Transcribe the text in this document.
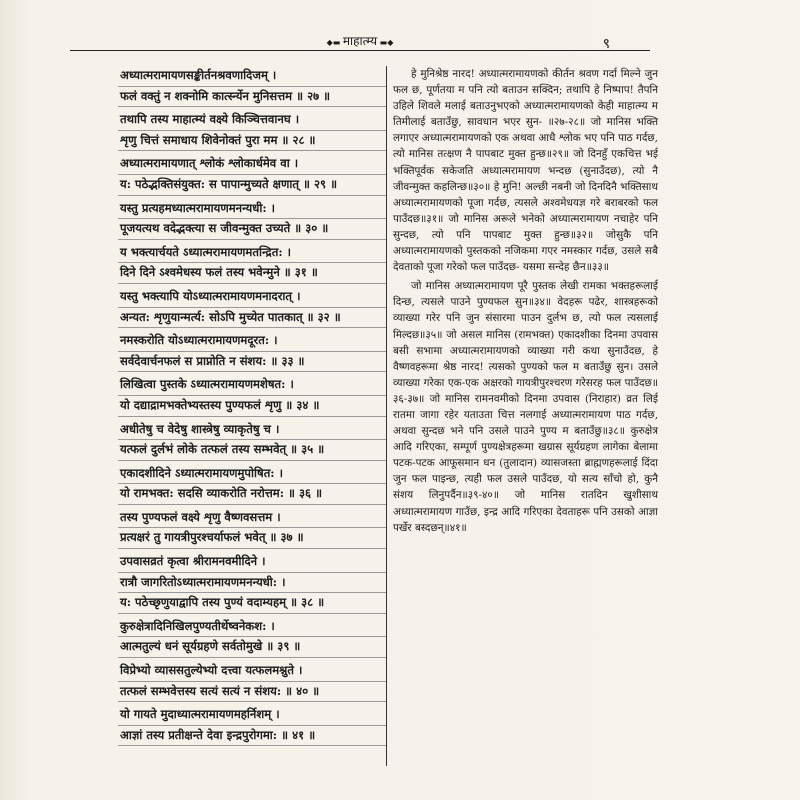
◆▬ माहात्म्य ▬◆	९
अध्यात्मरामायणसङ्कीर्तनश्रवणादिजम्‌ ।
फलं वक्तुं न शक्नोमि कार्त्स्न्येन मुनिसत्तम ॥ २७ ॥
तथापि तस्य माहात्म्यं वक्ष्ये किञ्चित्तवानघ ।
शृणु चित्तं समाधाय शिवेनोक्तं पुरा मम ॥ २८ ॥
अध्यात्मरामायणात्‌ श्लोकं श्लोकार्धमेव वा ।
य: पठेद्भक्तिसंयुक्त: स पापान्मुच्यते क्षणात्‌ ॥ २९ ॥
यस्तु प्रत्यहमध्यात्मरामायणमनन्यधी: ।
पूजयत्यथ वदेद्भक्त्या स जीवन्मुक्त उच्यते ॥ ३० ॥
य भक्त्यार्चयते ऽध्यात्मरामायणमतन्द्रित: ।
दिने दिने ऽश्वमेधस्य फलं तस्य भवेन्मुने ॥ ३१ ॥
यस्तु भक्त्यापि योऽध्यात्मरामायणमनादरात्‌ ।
अन्यत: शृणुयान्मर्त्य: सोऽपि मुच्येत पातकात्‌ ॥ ३२ ॥
नमस्करोति योऽध्यात्मरामायणमदूरत: ।
सर्वदेवार्चनफलं स प्राप्नोति न संशय: ॥ ३३ ॥
लिखित्वा पुस्तके ऽध्यात्मरामायणमशेषत: ।
यो दद्याद्रामभक्तेभ्यस्तस्य पुण्यफलं शृणु ॥ ३४ ॥
अधीतेषु च वेदेषु शास्त्रेषु व्याकृतेषु च ।
यत्फलं दुर्लभं लोके तत्फलं तस्य सम्भवेत्‌ ॥ ३५ ॥
एकादशीदिने ऽध्यात्मरामायणमुपोषित: ।
यो रामभक्त: सदसि व्याकरोति नरोत्तम: ॥ ३६ ॥
तस्य पुण्यफलं वक्ष्ये शृणु वैष्णवसत्तम ।
प्रत्यक्षरं तु गायत्रीपुरश्चर्याफलं भवेत्‌ ॥ ३७ ॥
उपवासव्रतं कृत्वा श्रीरामनवमीदिने ।
रात्रौ जागरितोऽध्यात्मरामायणमनन्यधी: ।
य: पठेच्छृणुयाद्वापि तस्य पुण्यं वदाम्यहम्‌ ॥ ३८ ॥
कुरुक्षेत्रादिनिखिलपुण्यतीर्थेष्वनेकश: ।
आत्मतुल्यं धनं सूर्यग्रहणे सर्वतोमुखे ॥ ३९ ॥
विप्रेभ्यो व्याससतुल्येभ्यो दत्त्वा यत्फलमश्नुते ।
तत्फलं सम्भवेत्तस्य सत्यं सत्यं न संशय: ॥ ४० ॥
यो गायते मुदाध्यात्मरामायणमहर्निशम्‌ ।
आज्ञां तस्य प्रतीक्षन्ते देवा इन्द्रपुरोगमा: ॥ ४१ ॥

हे मुनिश्रेष्ठ नारद! अध्यात्मरामायणको कीर्तन श्रवण गर्दा मिल्ने जुन फल छ, पूर्णतया म पनि त्यो बताउन सक्दिन; तथापि हे निष्पाप! तैपनि उहिले शिवले मलाई बताउनुभएको अध्यात्मरामायणको केही माहात्म्य म तिमीलाई बताउँछु, सावधान भएर सुन- ॥२७-२८॥ जो मानिस भक्ति लगाएर अध्यात्मरामायणको एक अथवा आधै श्लोक भए पनि पाठ गर्दछ, त्यो मानिस तत्क्षण नै पापबाट मुक्त हुन्छ॥२९॥ जो दिनहुँ एकचित्त भई भक्तिपूर्वक सकेजति अध्यात्मरामायण भन्दछ (सुनाउँदछ), त्यो नै जीवन्मुक्त कहलिन्छ॥३०॥ हे मुनि! अल्छी नबनी जो दिनदिनै भक्तिसाथ अध्यात्मरामायणको पूजा गर्दछ, त्यसले अश्वमेधयज्ञ गरे बराबरको फल पाउँदछ॥३१॥ जो मानिस अरूले भनेको अध्यात्मरामायण नचाहेर पनि सुन्दछ, त्यो पनि पापबाट मुक्त हुन्छ॥३२॥ जोसुकै पनि अध्यात्मरामायणको पुस्तकको नजिकमा गएर नमस्कार गर्दछ, उसले सबै देवताको पूजा गरेको फल पाउँदछ- यसमा सन्देह छैन॥३३॥

जो मानिस अध्यात्मरामायण पूरै पुस्तक लेखी रामका भक्तहरूलाई दिन्छ, त्यसले पाउने पुण्यफल सुन॥३४॥ वेदहरू पढेर, शास्त्रहरूको व्याख्या गरेर पनि जुन संसारमा पाउन दुर्लभ छ, त्यो फल त्यसलाई मिल्दछ॥३५॥ जो असल मानिस (रामभक्त) एकादशीका दिनमा उपवास बसी सभामा अध्यात्मरामायणको व्याख्या गरी कथा सुनाउँदछ, हे वैष्णवहरूमा श्रेष्ठ नारद! त्यसको पुण्यको फल म बताउँछु सुन। उसले व्याख्या गरेका एक-एक अक्षरको गायत्रीपुरश्चरण गरेसरह फल पाउँदछ॥३६-३७॥ जो मानिस रामनवमीको दिनमा उपवास (निराहार) व्रत लिई रातमा जागा रहेर यताउता चित्त नलगाई अध्यात्मरामायण पाठ गर्दछ, अथवा सुन्दछ भने पनि उसले पाउने पुण्य म बताउँछु॥३८॥ कुरुक्षेत्र आदि गरिएका, सम्पूर्ण पुण्यक्षेत्रहरूमा खग्रास सूर्यग्रहण लागेका बेलामा पटक-पटक आफूसमान धन (तुलादान) व्यासजस्ता ब्राह्मणहरूलाई दिंदा जुन फल पाइन्छ, त्यही फल उसले पाउँदछ, यो सत्य साँचो हो, कुनै संशय लिनुपर्दैन॥३९-४०॥ जो मानिस रातदिन खुशीसाथ अध्यात्मरामायण गाउँछ, इन्द्र आदि गरिएका देवताहरू पनि उसको आज्ञा पर्खेर बस्दछन्॥४१॥
